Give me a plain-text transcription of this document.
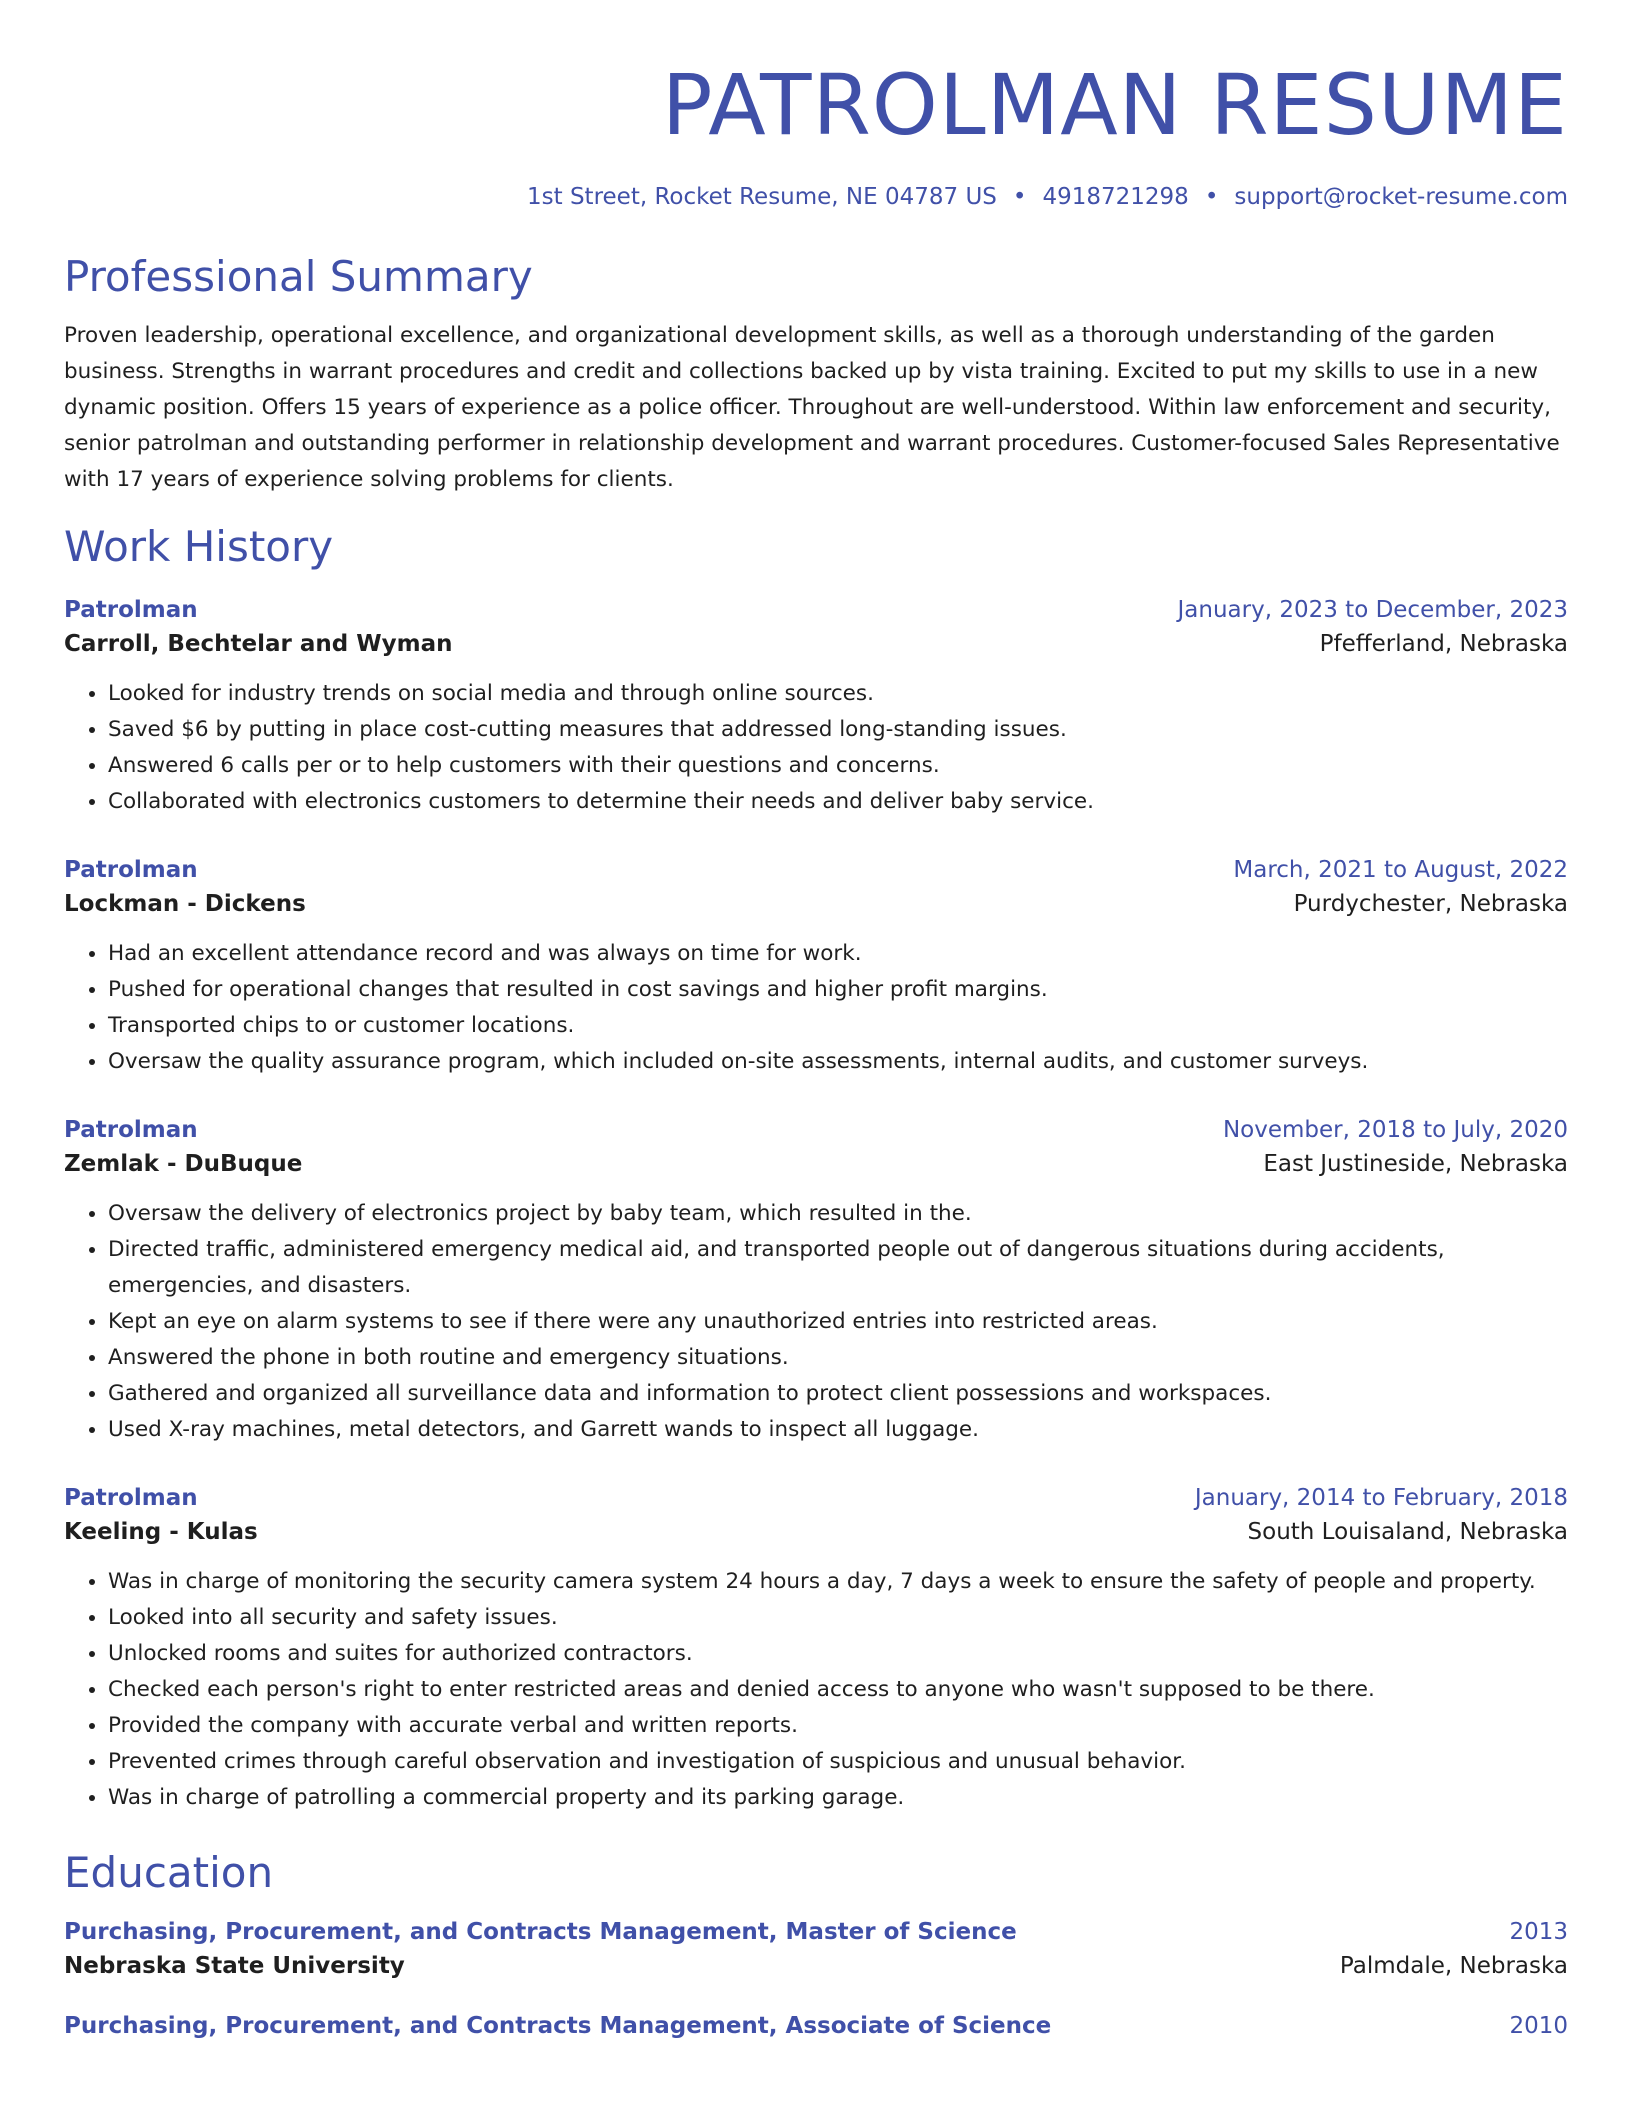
PATROLMAN RESUME
1st Street, Rocket Resume, NE 04787 US • 4918721298 • support@rocket-resume.com
Professional Summary
Proven leadership, operational excellence, and organizational development skills, as well as a thorough understanding of the garden business. Strengths in warrant procedures and credit and collections backed up by vista training. Excited to put my skills to use in a new dynamic position. Offers 15 years of experience as a police officer. Throughout are well-understood. Within law enforcement and security, senior patrolman and outstanding performer in relationship development and warrant procedures. Customer-focused Sales Representative with 17 years of experience solving problems for clients.
Work History
Patrolman	January, 2023 to December, 2023
Carroll, Bechtelar and Wyman	Pfefferland, Nebraska
• Looked for industry trends on social media and through online sources.
• Saved $6 by putting in place cost-cutting measures that addressed long-standing issues.
• Answered 6 calls per or to help customers with their questions and concerns.
• Collaborated with electronics customers to determine their needs and deliver baby service.
Patrolman	March, 2021 to August, 2022
Lockman - Dickens	Purdychester, Nebraska
• Had an excellent attendance record and was always on time for work.
• Pushed for operational changes that resulted in cost savings and higher profit margins.
• Transported chips to or customer locations.
• Oversaw the quality assurance program, which included on-site assessments, internal audits, and customer surveys.
Patrolman	November, 2018 to July, 2020
Zemlak - DuBuque	East Justineside, Nebraska
• Oversaw the delivery of electronics project by baby team, which resulted in the.
• Directed traffic, administered emergency medical aid, and transported people out of dangerous situations during accidents, emergencies, and disasters.
• Kept an eye on alarm systems to see if there were any unauthorized entries into restricted areas.
• Answered the phone in both routine and emergency situations.
• Gathered and organized all surveillance data and information to protect client possessions and workspaces.
• Used X-ray machines, metal detectors, and Garrett wands to inspect all luggage.
Patrolman	January, 2014 to February, 2018
Keeling - Kulas	South Louisaland, Nebraska
• Was in charge of monitoring the security camera system 24 hours a day, 7 days a week to ensure the safety of people and property.
• Looked into all security and safety issues.
• Unlocked rooms and suites for authorized contractors.
• Checked each person's right to enter restricted areas and denied access to anyone who wasn't supposed to be there.
• Provided the company with accurate verbal and written reports.
• Prevented crimes through careful observation and investigation of suspicious and unusual behavior.
• Was in charge of patrolling a commercial property and its parking garage.
Education
Purchasing, Procurement, and Contracts Management, Master of Science	2013
Nebraska State University	Palmdale, Nebraska
Purchasing, Procurement, and Contracts Management, Associate of Science	2010
